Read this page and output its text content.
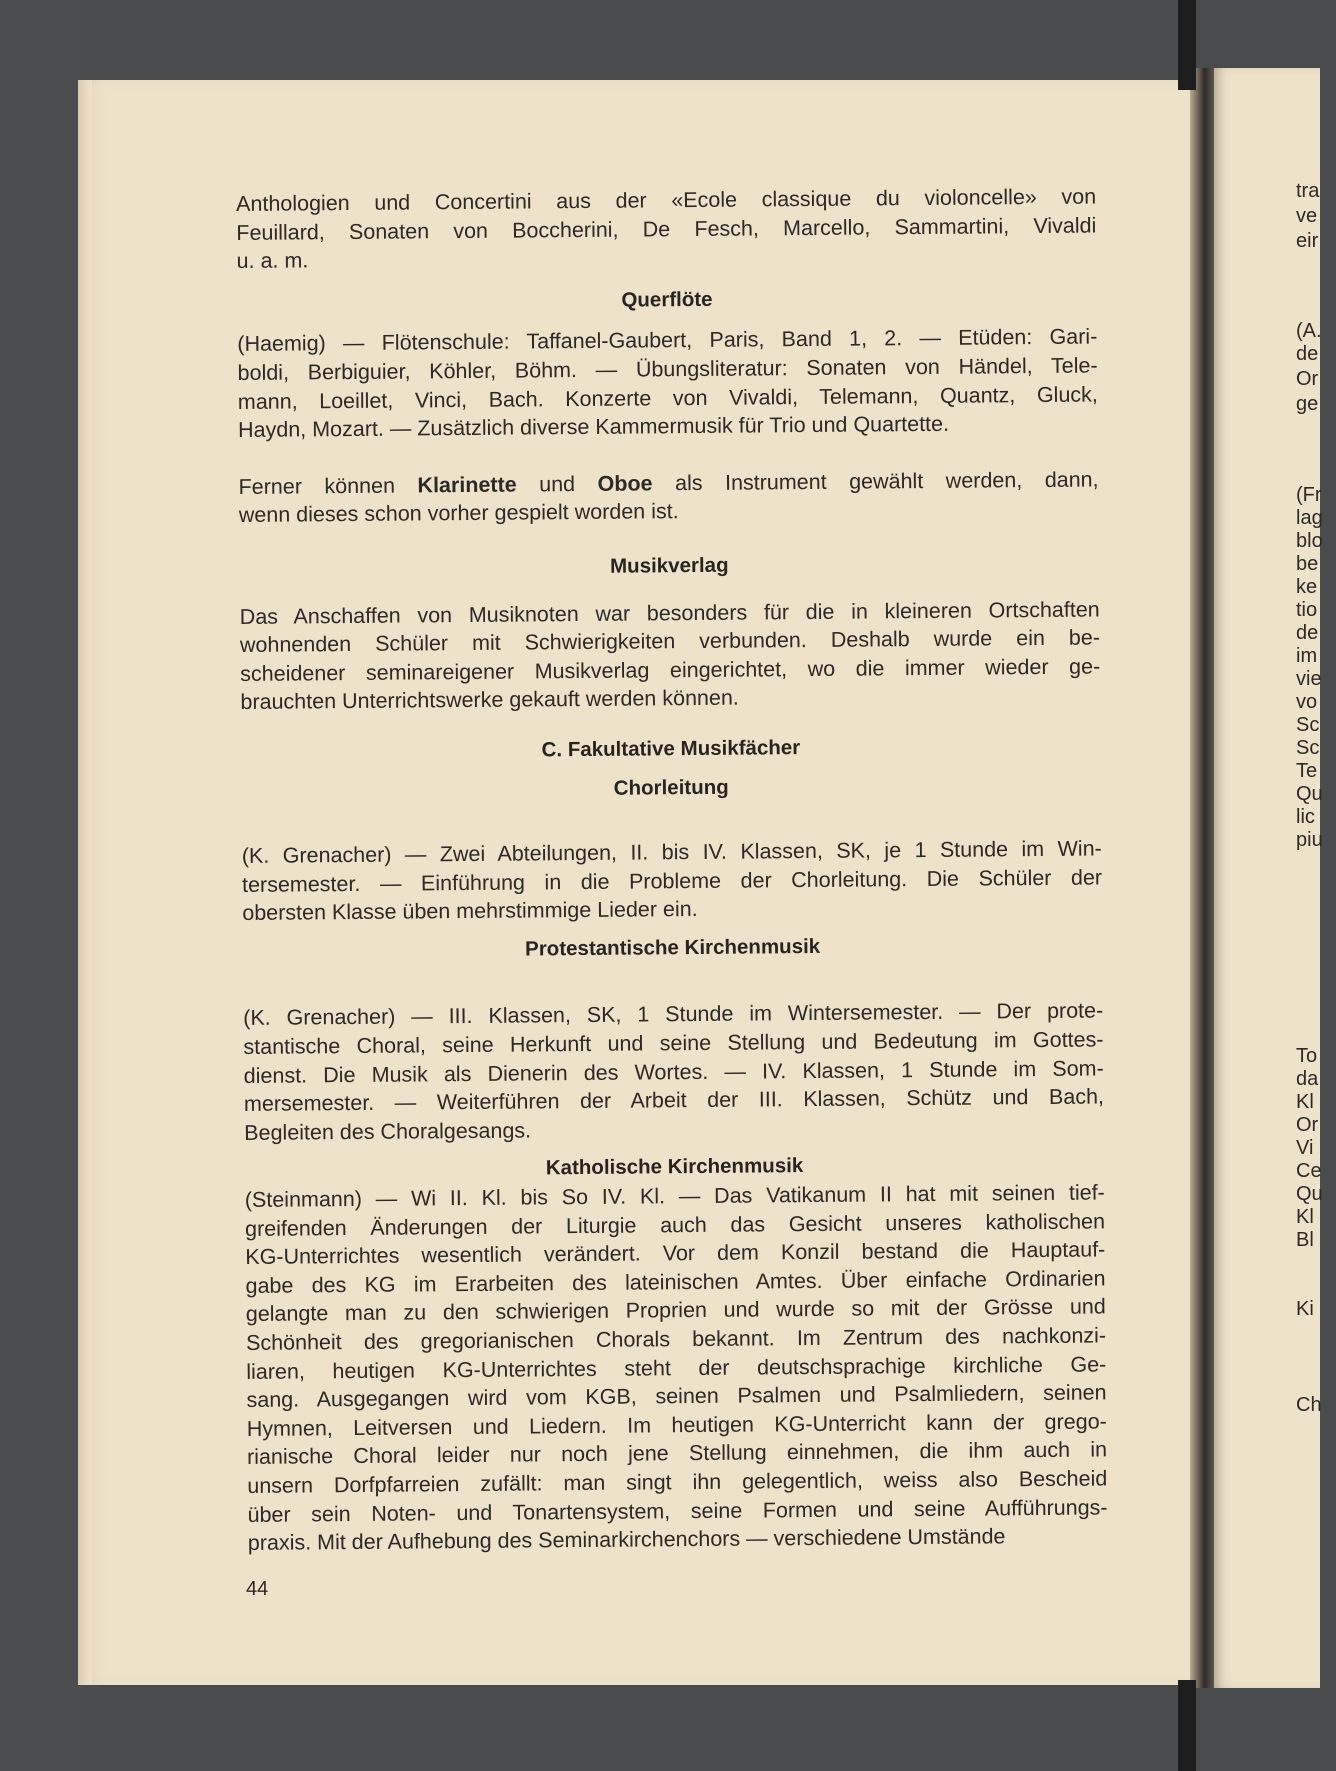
Anthologien und Concertini aus der «Ecole classique du violoncelle» von
Feuillard, Sonaten von Boccherini, De Fesch, Marcello, Sammartini, Vivaldi
u. a. m.

Querflöte

(Haemig) — Flötenschule: Taffanel-Gaubert, Paris, Band 1, 2. — Etüden: Gari-
boldi, Berbiguier, Köhler, Böhm. — Übungsliteratur: Sonaten von Händel, Tele-
mann, Loeillet, Vinci, Bach. Konzerte von Vivaldi, Telemann, Quantz, Gluck,
Haydn, Mozart. — Zusätzlich diverse Kammermusik für Trio und Quartette.

Ferner können Klarinette und Oboe als Instrument gewählt werden, dann,
wenn dieses schon vorher gespielt worden ist.

Musikverlag

Das Anschaffen von Musiknoten war besonders für die in kleineren Ortschaften
wohnenden Schüler mit Schwierigkeiten verbunden. Deshalb wurde ein be-
scheidener seminareigener Musikverlag eingerichtet, wo die immer wieder ge-
brauchten Unterrichtswerke gekauft werden können.

C. Fakultative Musikfächer

Chorleitung

(K. Grenacher) — Zwei Abteilungen, II. bis IV. Klassen, SK, je 1 Stunde im Win-
tersemester. — Einführung in die Probleme der Chorleitung. Die Schüler der
obersten Klasse üben mehrstimmige Lieder ein.

Protestantische Kirchenmusik

(K. Grenacher) — III. Klassen, SK, 1 Stunde im Wintersemester. — Der prote-
stantische Choral, seine Herkunft und seine Stellung und Bedeutung im Gottes-
dienst. Die Musik als Dienerin des Wortes. — IV. Klassen, 1 Stunde im Som-
mersemester. — Weiterführen der Arbeit der III. Klassen, Schütz und Bach,
Begleiten des Choralgesangs.

Katholische Kirchenmusik

(Steinmann) — Wi II. Kl. bis So IV. Kl. — Das Vatikanum II hat mit seinen tief-
greifenden Änderungen der Liturgie auch das Gesicht unseres katholischen
KG-Unterrichtes wesentlich verändert. Vor dem Konzil bestand die Hauptauf-
gabe des KG im Erarbeiten des lateinischen Amtes. Über einfache Ordinarien
gelangte man zu den schwierigen Proprien und wurde so mit der Grösse und
Schönheit des gregorianischen Chorals bekannt. Im Zentrum des nachkonzi-
liaren, heutigen KG-Unterrichtes steht der deutschsprachige kirchliche Ge-
sang. Ausgegangen wird vom KGB, seinen Psalmen und Psalmliedern, seinen
Hymnen, Leitversen und Liedern. Im heutigen KG-Unterricht kann der grego-
rianische Choral leider nur noch jene Stellung einnehmen, die ihm auch in
unsern Dorfpfarreien zufällt: man singt ihn gelegentlich, weiss also Bescheid
über sein Noten- und Tonartensystem, seine Formen und seine Aufführungs-
praxis. Mit der Aufhebung des Seminarkirchenchors — verschiedene Umstände

44
tra
ve
eir
(A.
de
Or
ge
(Fr
lag
blo
be
ke
tio
de
im
vie
vo
Sc
Sc
Te
Qu
lic
piu
To
da
Kl
Or
Vi
Ce
Qu
Kl
Bl
Ki
Ch
